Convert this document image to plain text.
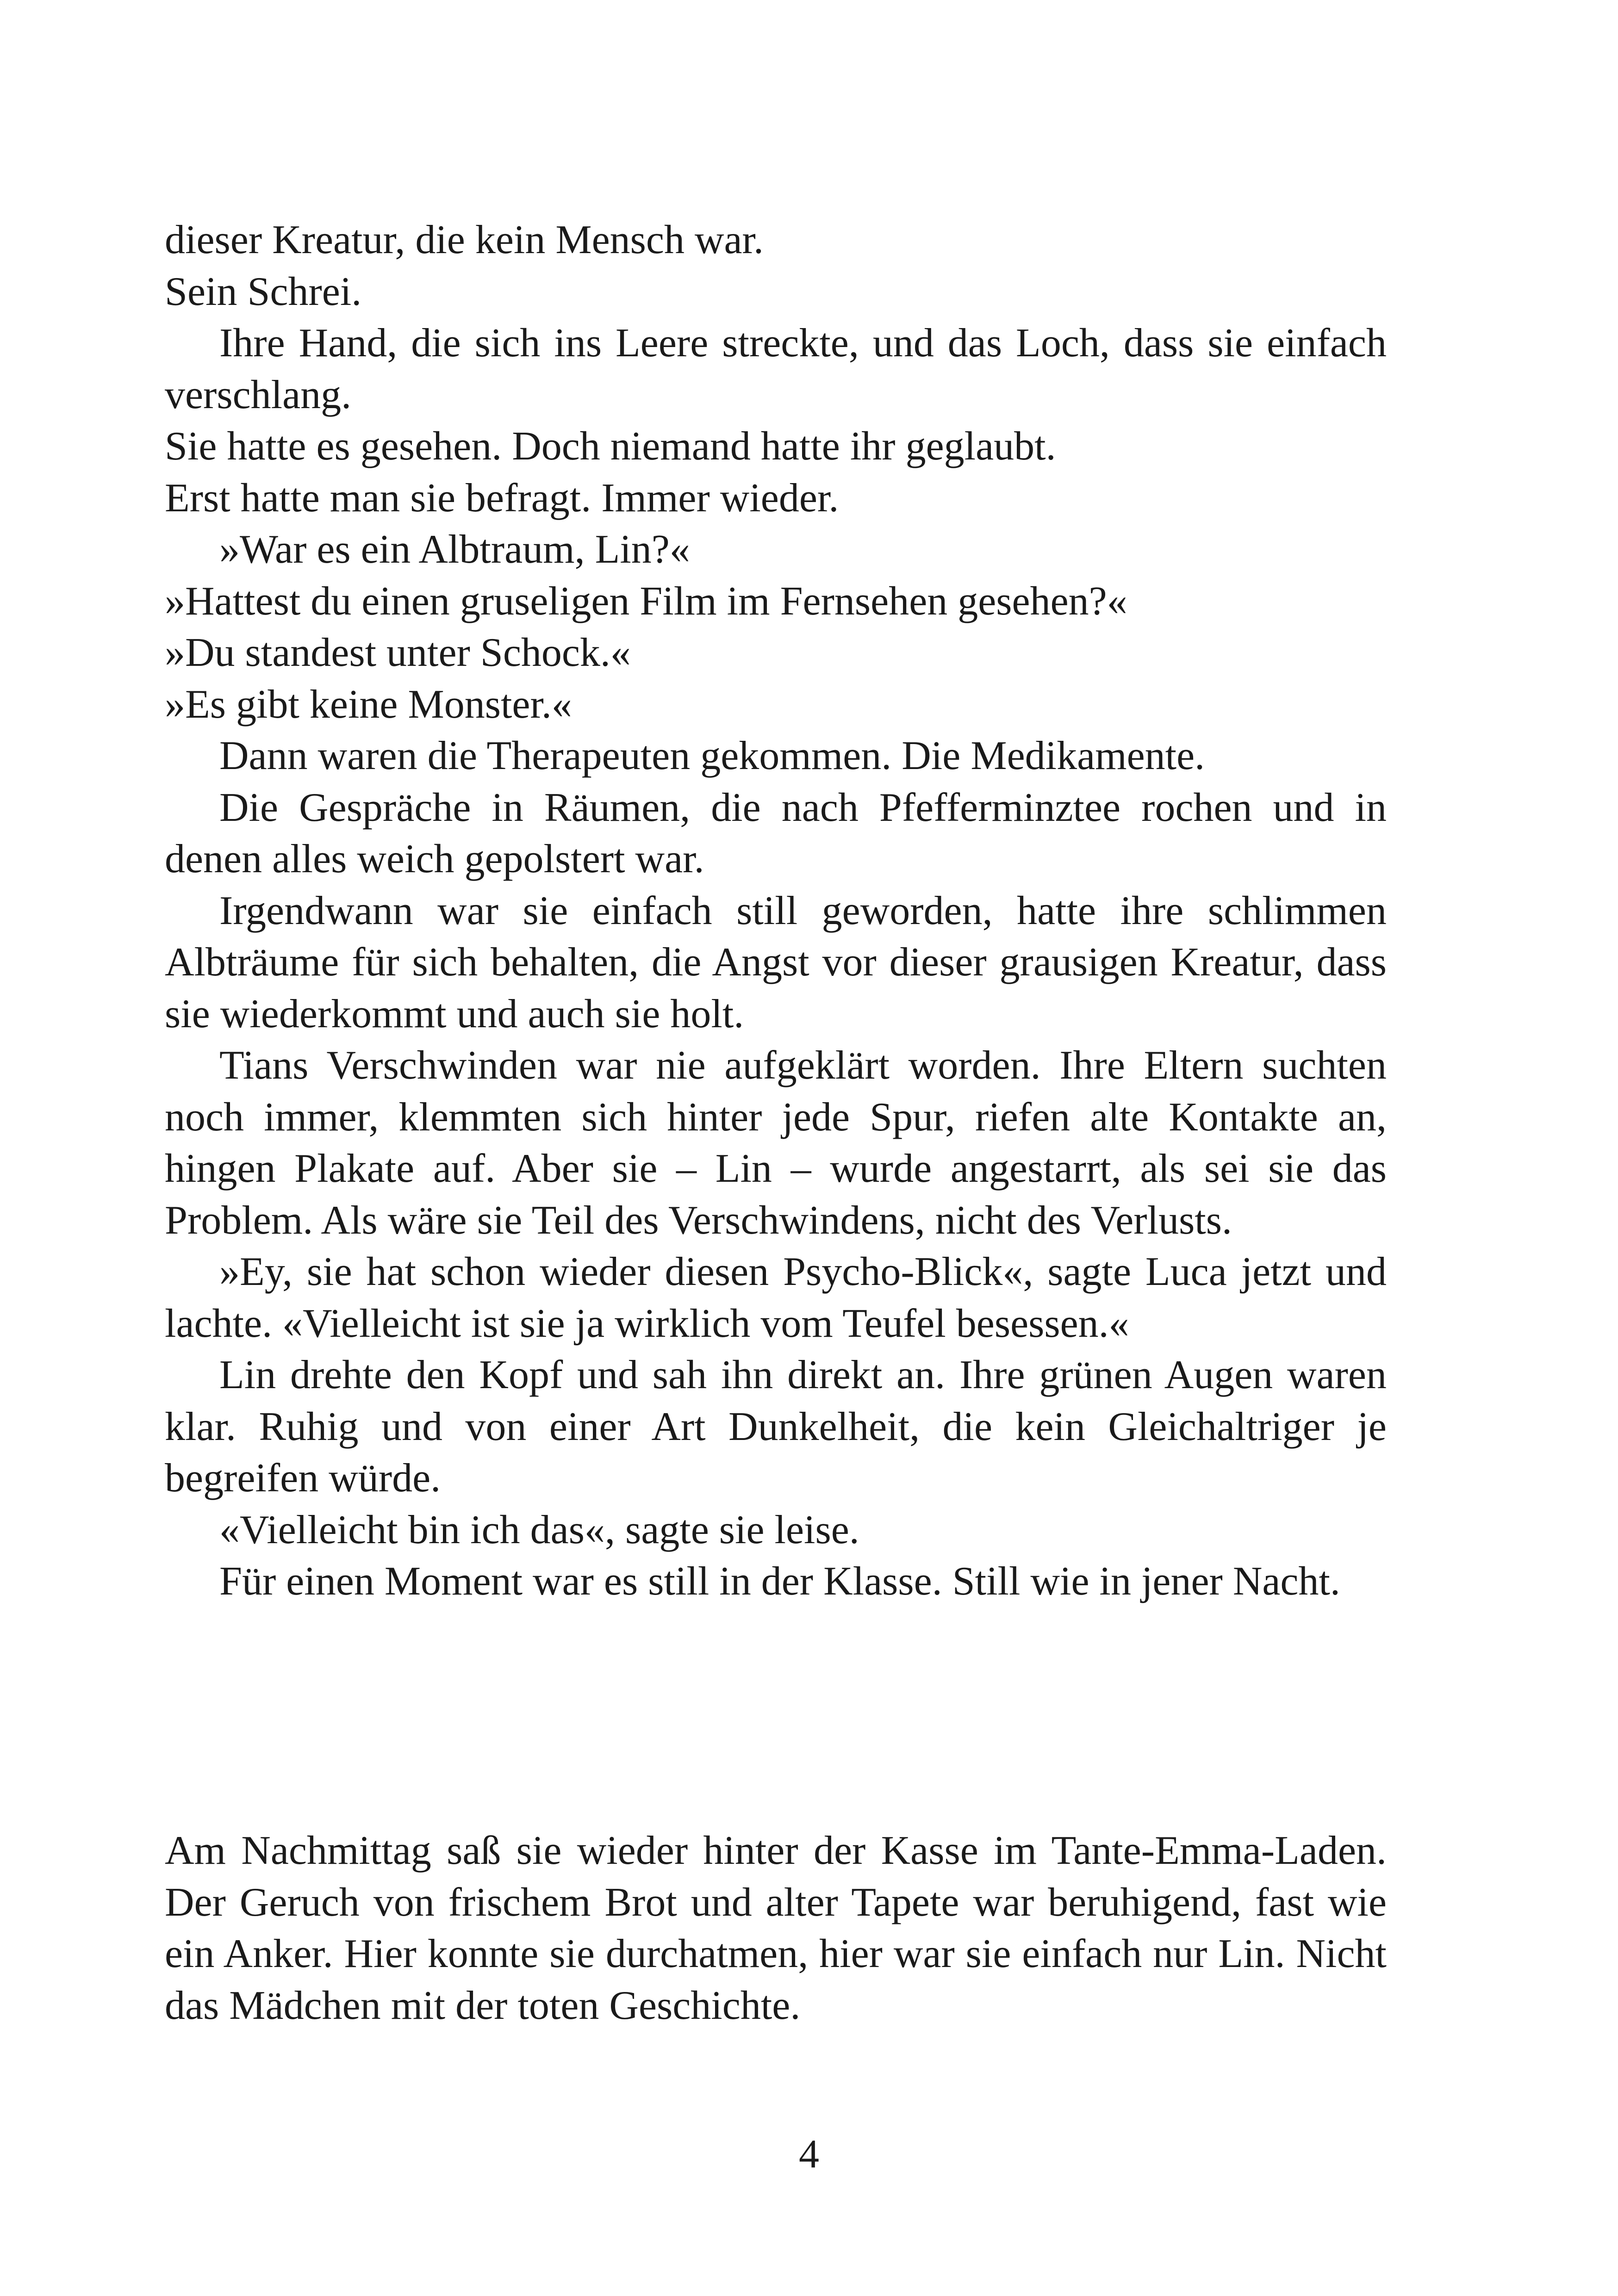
dieser Kreatur, die kein Mensch war.

Sein Schrei.

Ihre Hand, die sich ins Leere streckte, und das Loch, dass sie einfach verschlang.

Sie hatte es gesehen. Doch niemand hatte ihr geglaubt.

Erst hatte man sie befragt. Immer wieder.

»War es ein Albtraum, Lin?«

»Hattest du einen gruseligen Film im Fernsehen gesehen?«

»Du standest unter Schock.«

»Es gibt keine Monster.«

Dann waren die Therapeuten gekommen. Die Medikamente.

Die Gespräche in Räumen, die nach Pfefferminztee rochen und in denen alles weich gepolstert war.

Irgendwann war sie einfach still geworden, hatte ihre schlimmen Albträume für sich behalten, die Angst vor dieser grausigen Kreatur, dass sie wiederkommt und auch sie holt.

Tians Verschwinden war nie aufgeklärt worden. Ihre Eltern suchten noch immer, klemmten sich hinter jede Spur, riefen alte Kontakte an, hingen Plakate auf. Aber sie – Lin – wurde angestarrt, als sei sie das Problem. Als wäre sie Teil des Verschwindens, nicht des Verlusts.

»Ey, sie hat schon wieder diesen Psycho-Blick«, sagte Luca jetzt und lachte. «Vielleicht ist sie ja wirklich vom Teufel besessen.«

Lin drehte den Kopf und sah ihn direkt an. Ihre grünen Augen waren klar. Ruhig und von einer Art Dunkelheit, die kein Gleichaltriger je begreifen würde.

«Vielleicht bin ich das«, sagte sie leise.

Für einen Moment war es still in der Klasse. Still wie in jener Nacht.

Am Nachmittag saß sie wieder hinter der Kasse im Tante-Emma-Laden. Der Geruch von frischem Brot und alter Tapete war beruhigend, fast wie ein Anker. Hier konnte sie durchatmen, hier war sie einfach nur Lin. Nicht das Mädchen mit der toten Geschichte.

4
